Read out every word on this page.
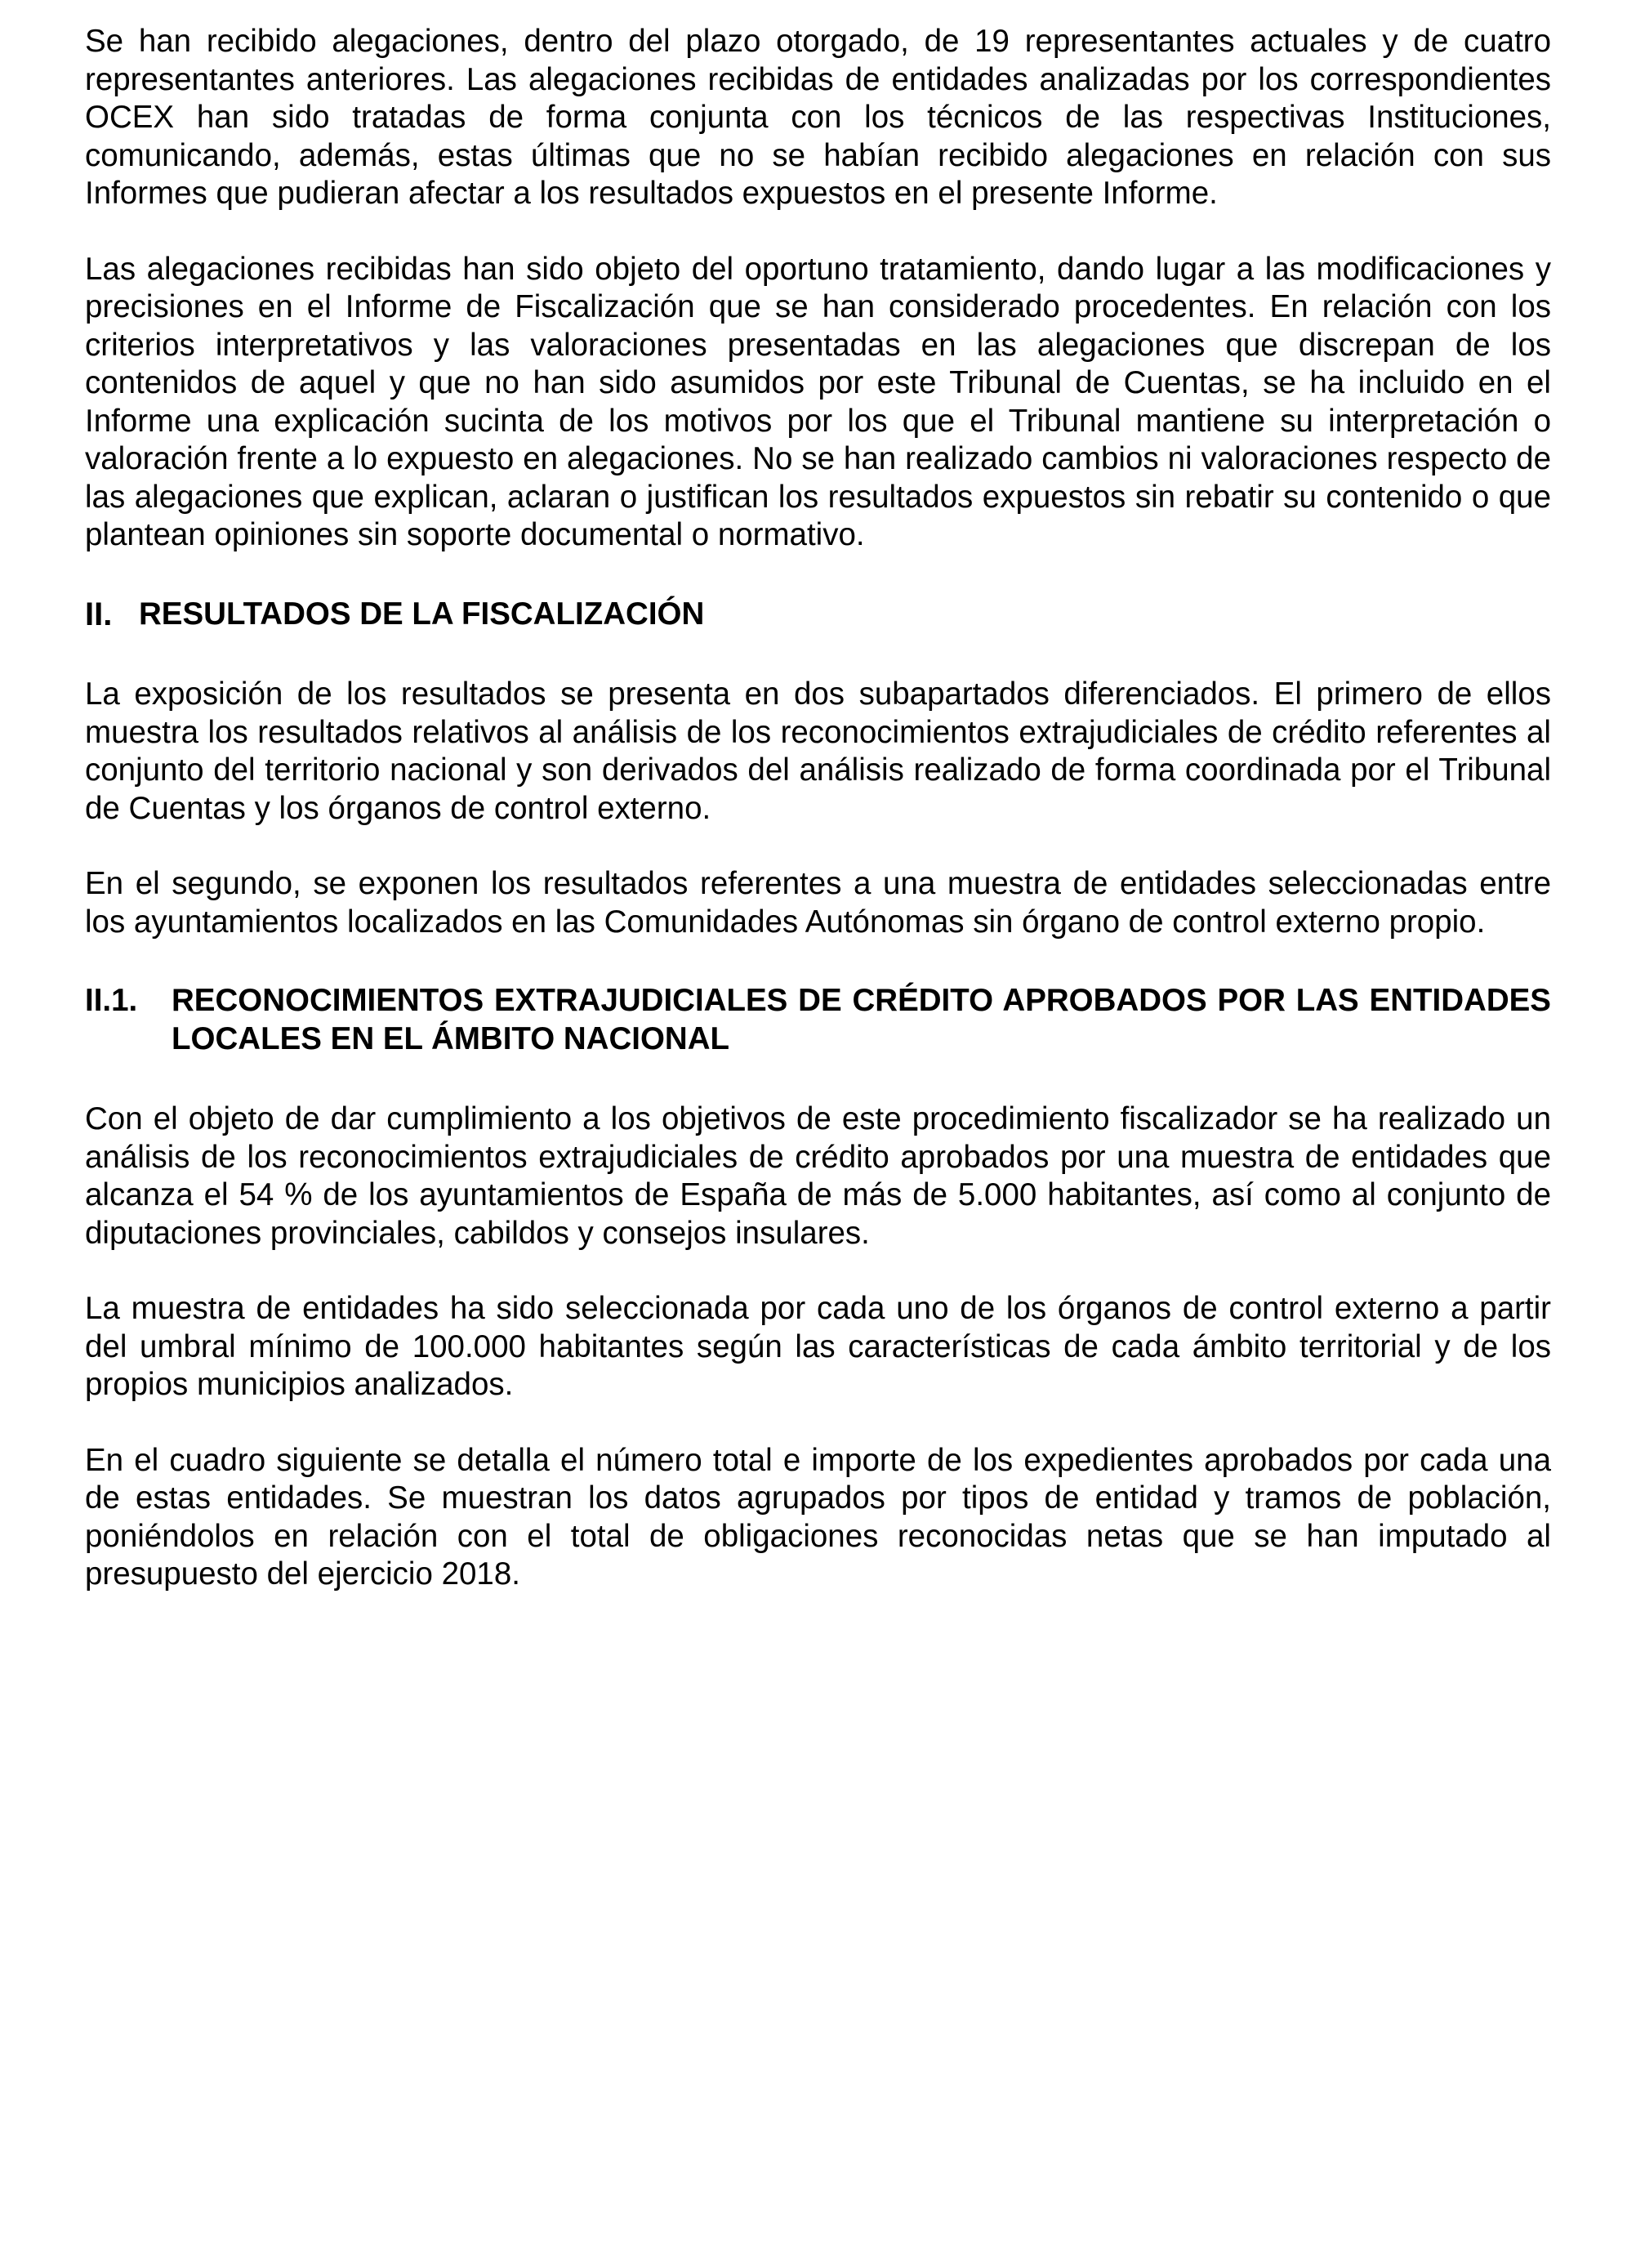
Se han recibido alegaciones, dentro del plazo otorgado, de 19 representantes actuales y de cuatro representantes anteriores. Las alegaciones recibidas de entidades analizadas por los correspondientes OCEX han sido tratadas de forma conjunta con los técnicos de las respectivas Instituciones, comunicando, además, estas últimas que no se habían recibido alegaciones en relación con sus Informes que pudieran afectar a los resultados expuestos en el presente Informe.

Las alegaciones recibidas han sido objeto del oportuno tratamiento, dando lugar a las modificaciones y precisiones en el Informe de Fiscalización que se han considerado procedentes. En relación con los criterios interpretativos y las valoraciones presentadas en las alegaciones que discrepan de los contenidos de aquel y que no han sido asumidos por este Tribunal de Cuentas, se ha incluido en el Informe una explicación sucinta de los motivos por los que el Tribunal mantiene su interpretación o valoración frente a lo expuesto en alegaciones. No se han realizado cambios ni valoraciones respecto de las alegaciones que explican, aclaran o justifican los resultados expuestos sin rebatir su contenido o que plantean opiniones sin soporte documental o normativo.

II. RESULTADOS DE LA FISCALIZACIÓN

La exposición de los resultados se presenta en dos subapartados diferenciados. El primero de ellos muestra los resultados relativos al análisis de los reconocimientos extrajudiciales de crédito referentes al conjunto del territorio nacional y son derivados del análisis realizado de forma coordinada por el Tribunal de Cuentas y los órganos de control externo.

En el segundo, se exponen los resultados referentes a una muestra de entidades seleccionadas entre los ayuntamientos localizados en las Comunidades Autónomas sin órgano de control externo propio.

II.1.	RECONOCIMIENTOS EXTRAJUDICIALES DE CRÉDITO APROBADOS POR LAS ENTIDADES LOCALES EN EL ÁMBITO NACIONAL

Con el objeto de dar cumplimiento a los objetivos de este procedimiento fiscalizador se ha realizado un análisis de los reconocimientos extrajudiciales de crédito aprobados por una muestra de entidades que alcanza el 54 % de los ayuntamientos de España de más de 5.000 habitantes, así como al conjunto de diputaciones provinciales, cabildos y consejos insulares.

La muestra de entidades ha sido seleccionada por cada uno de los órganos de control externo a partir del umbral mínimo de 100.000 habitantes según las características de cada ámbito territorial y de los propios municipios analizados.

En el cuadro siguiente se detalla el número total e importe de los expedientes aprobados por cada una de estas entidades. Se muestran los datos agrupados por tipos de entidad y tramos de población, poniéndolos en relación con el total de obligaciones reconocidas netas que se han imputado al presupuesto del ejercicio 2018.
